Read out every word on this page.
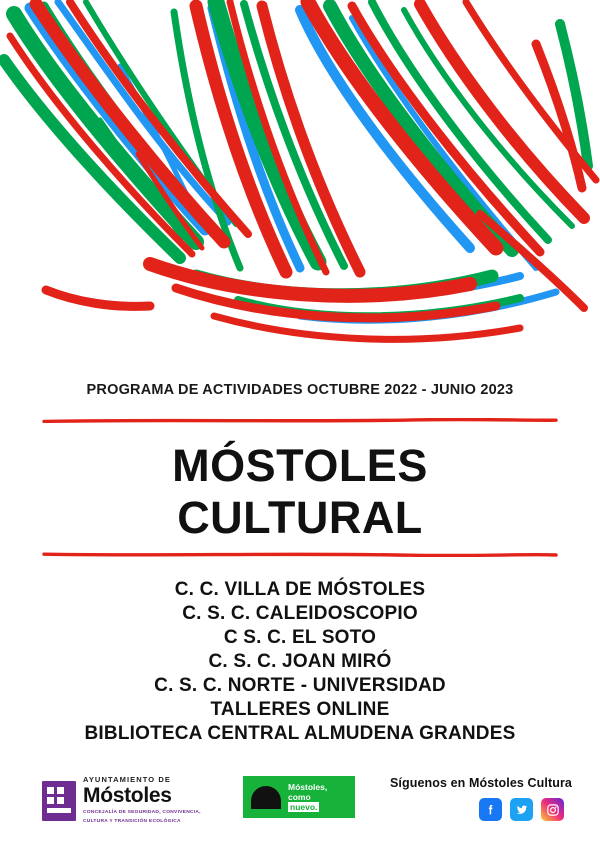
PROGRAMA DE ACTIVIDADES OCTUBRE 2022 - JUNIO 2023
MÓSTOLES
CULTURAL
C. C. VILLA DE MÓSTOLES
C. S. C. CALEIDOSCOPIO
C S. C. EL SOTO
C. S. C. JOAN MIRÓ
C. S. C. NORTE - UNIVERSIDAD
TALLERES ONLINE
BIBLIOTECA CENTRAL ALMUDENA GRANDES
AYUNTAMIENTO DE
Móstoles
CONCEJALÍA DE SEGURIDAD, CONVIVENCIA,
CULTURA Y TRANSICIÓN ECOLÓGICA
Móstoles,
como
nuevo.
Síguenos en Móstoles Cultura
